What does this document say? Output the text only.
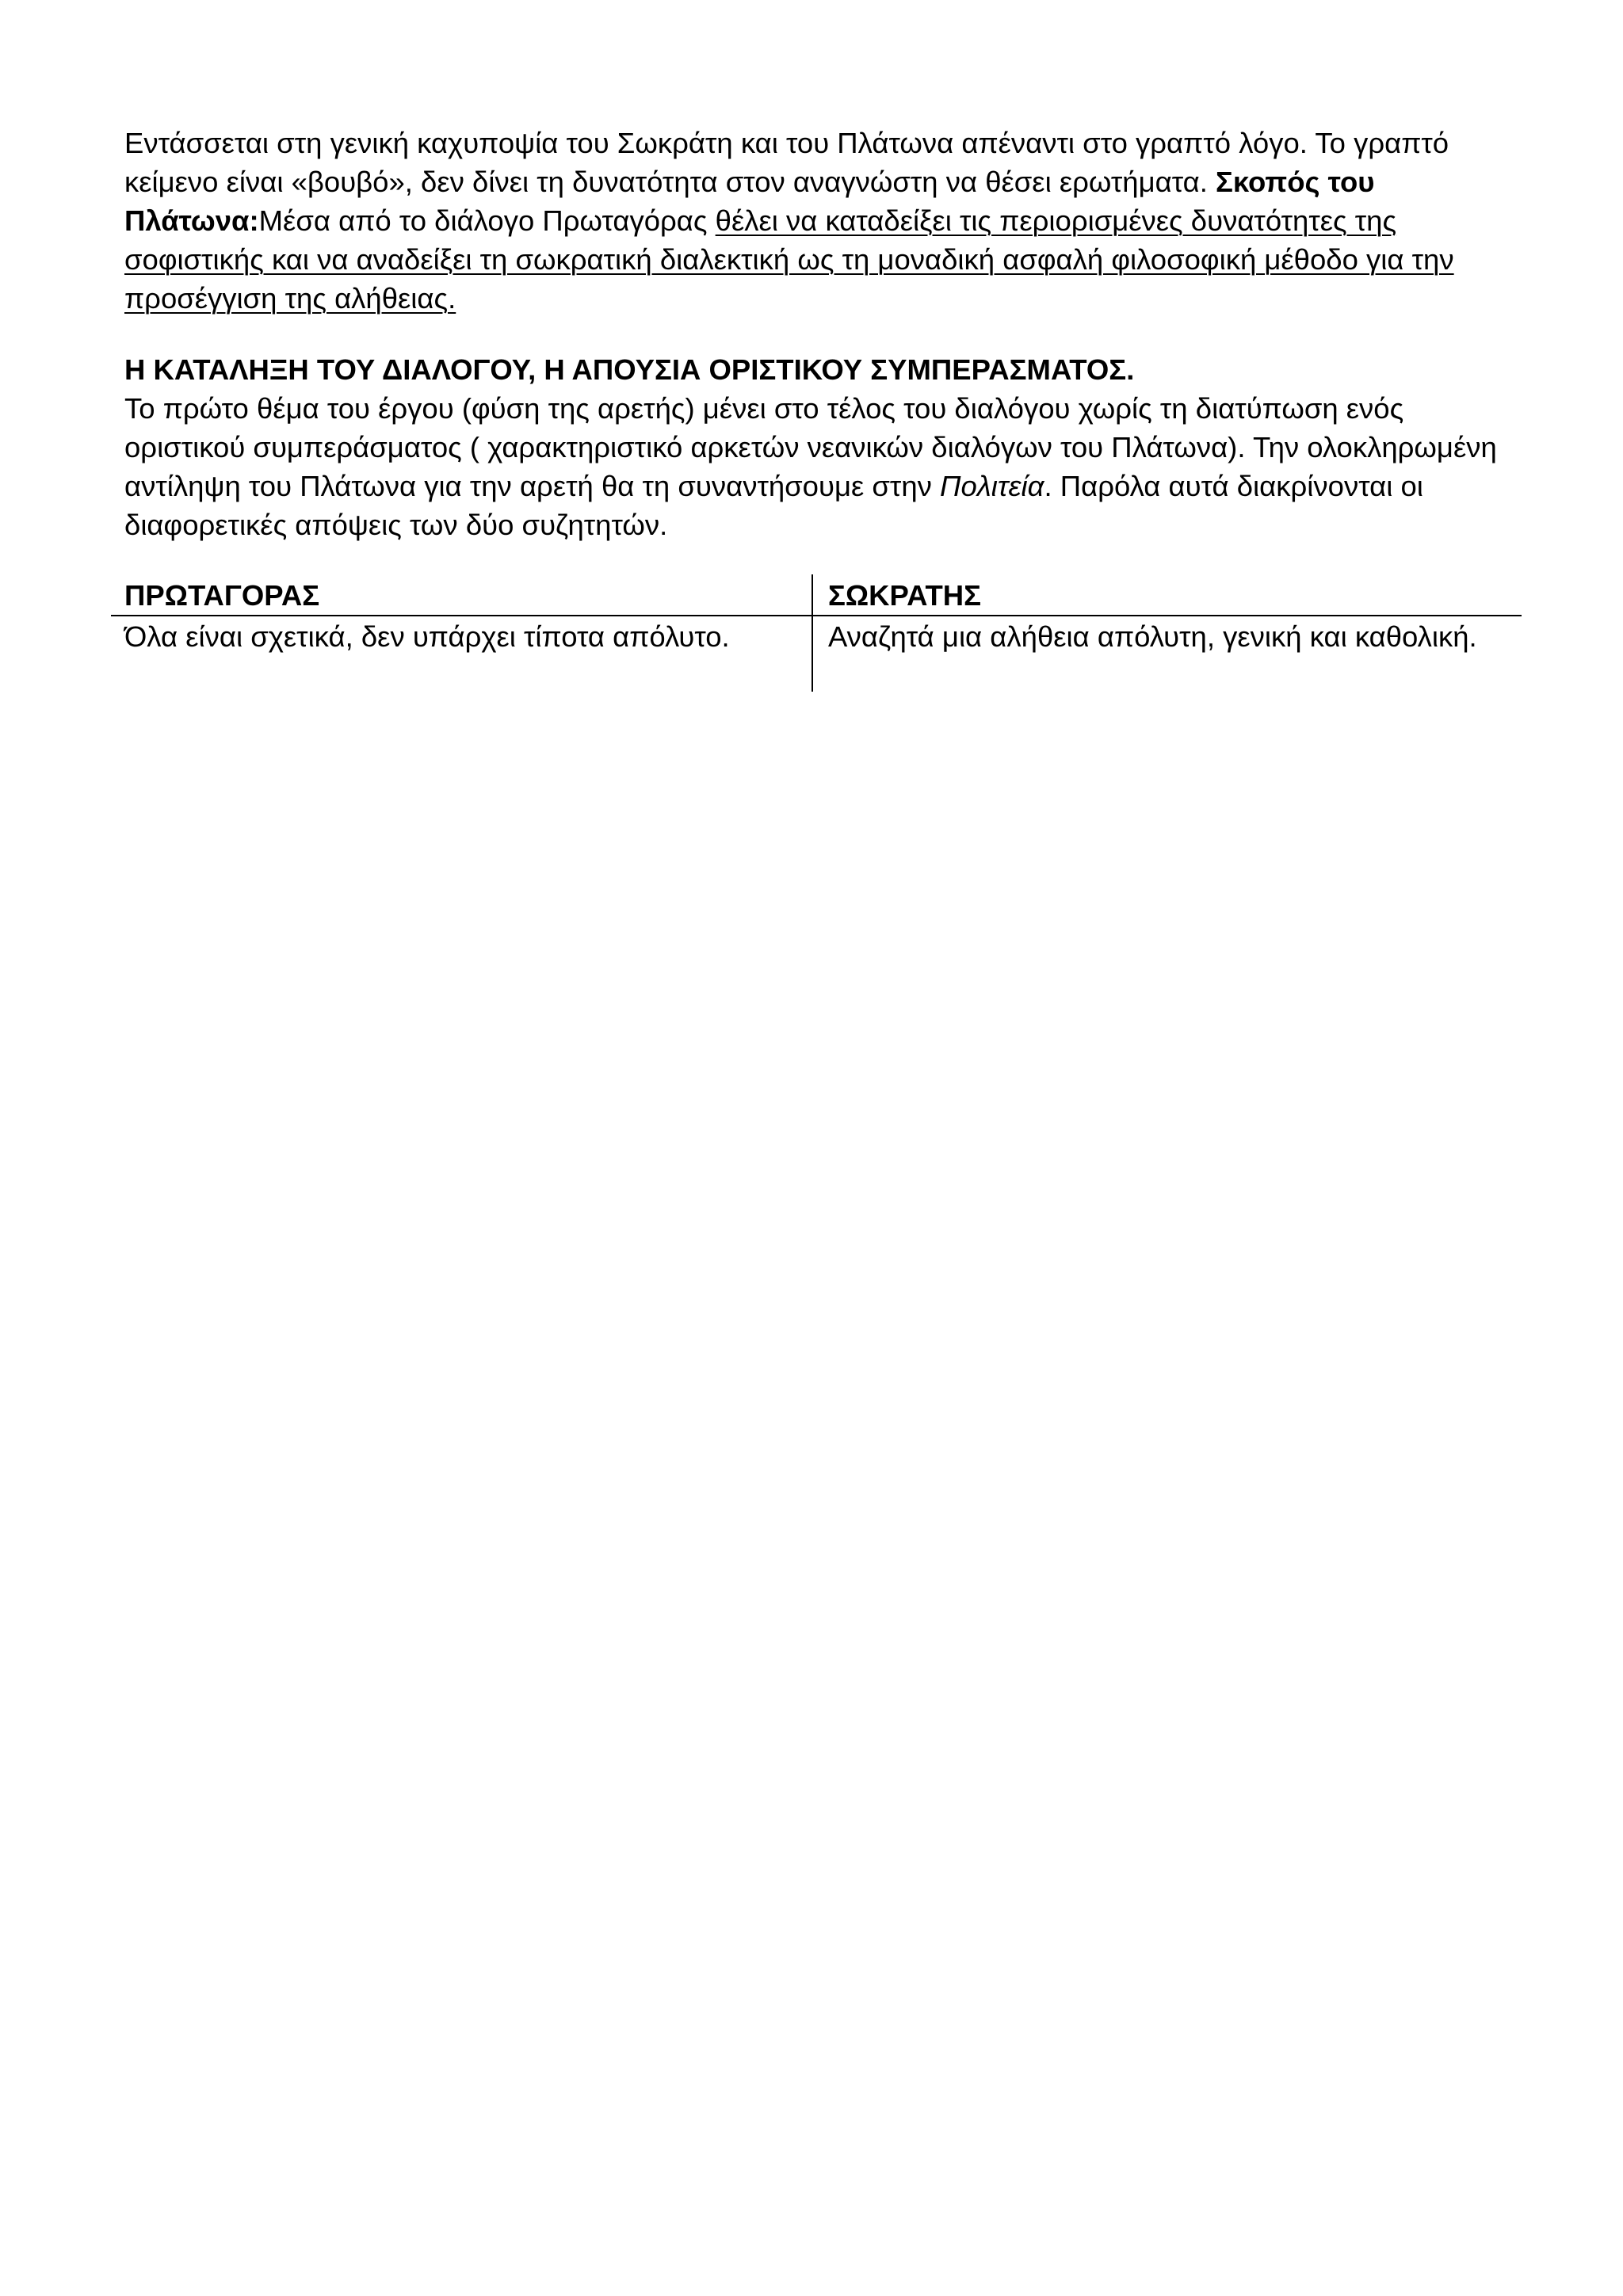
Εντάσσεται στη γενική καχυποψία του Σωκράτη και του Πλάτωνα απέναντι στο γραπτό λόγο. Το γραπτό κείμενο είναι «βουβό», δεν δίνει τη δυνατότητα στον αναγνώστη να θέσει ερωτήματα. Σκοπός του Πλάτωνα:Μέσα από το διάλογο Πρωταγόρας θέλει να καταδείξει τις περιορισμένες δυνατότητες της σοφιστικής και να αναδείξει τη σωκρατική διαλεκτική ως τη μοναδική ασφαλή φιλοσοφική μέθοδο για την προσέγγιση της αλήθειας.

Η ΚΑΤΑΛΗΞΗ ΤΟΥ ΔΙΑΛΟΓΟΥ, Η ΑΠΟΥΣΙΑ ΟΡΙΣΤΙΚΟΥ ΣΥΜΠΕΡΑΣΜΑΤΟΣ.

Το πρώτο θέμα του έργου (φύση της αρετής) μένει στο τέλος του διαλόγου χωρίς τη διατύπωση ενός οριστικού συμπεράσματος ( χαρακτηριστικό αρκετών νεανικών διαλόγων του Πλάτωνα). Την ολοκληρωμένη αντίληψη του Πλάτωνα για την αρετή θα τη συναντήσουμε στην Πολιτεία. Παρόλα αυτά διακρίνονται οι διαφορετικές απόψεις των δύο συζητητών.

ΠΡΩΤΑΓΟΡΑΣ	ΣΩΚΡΑΤΗΣ

Όλα είναι σχετικά, δεν υπάρχει τίποτα απόλυτο.	Αναζητά μια αλήθεια απόλυτη, γενική και καθολική.
